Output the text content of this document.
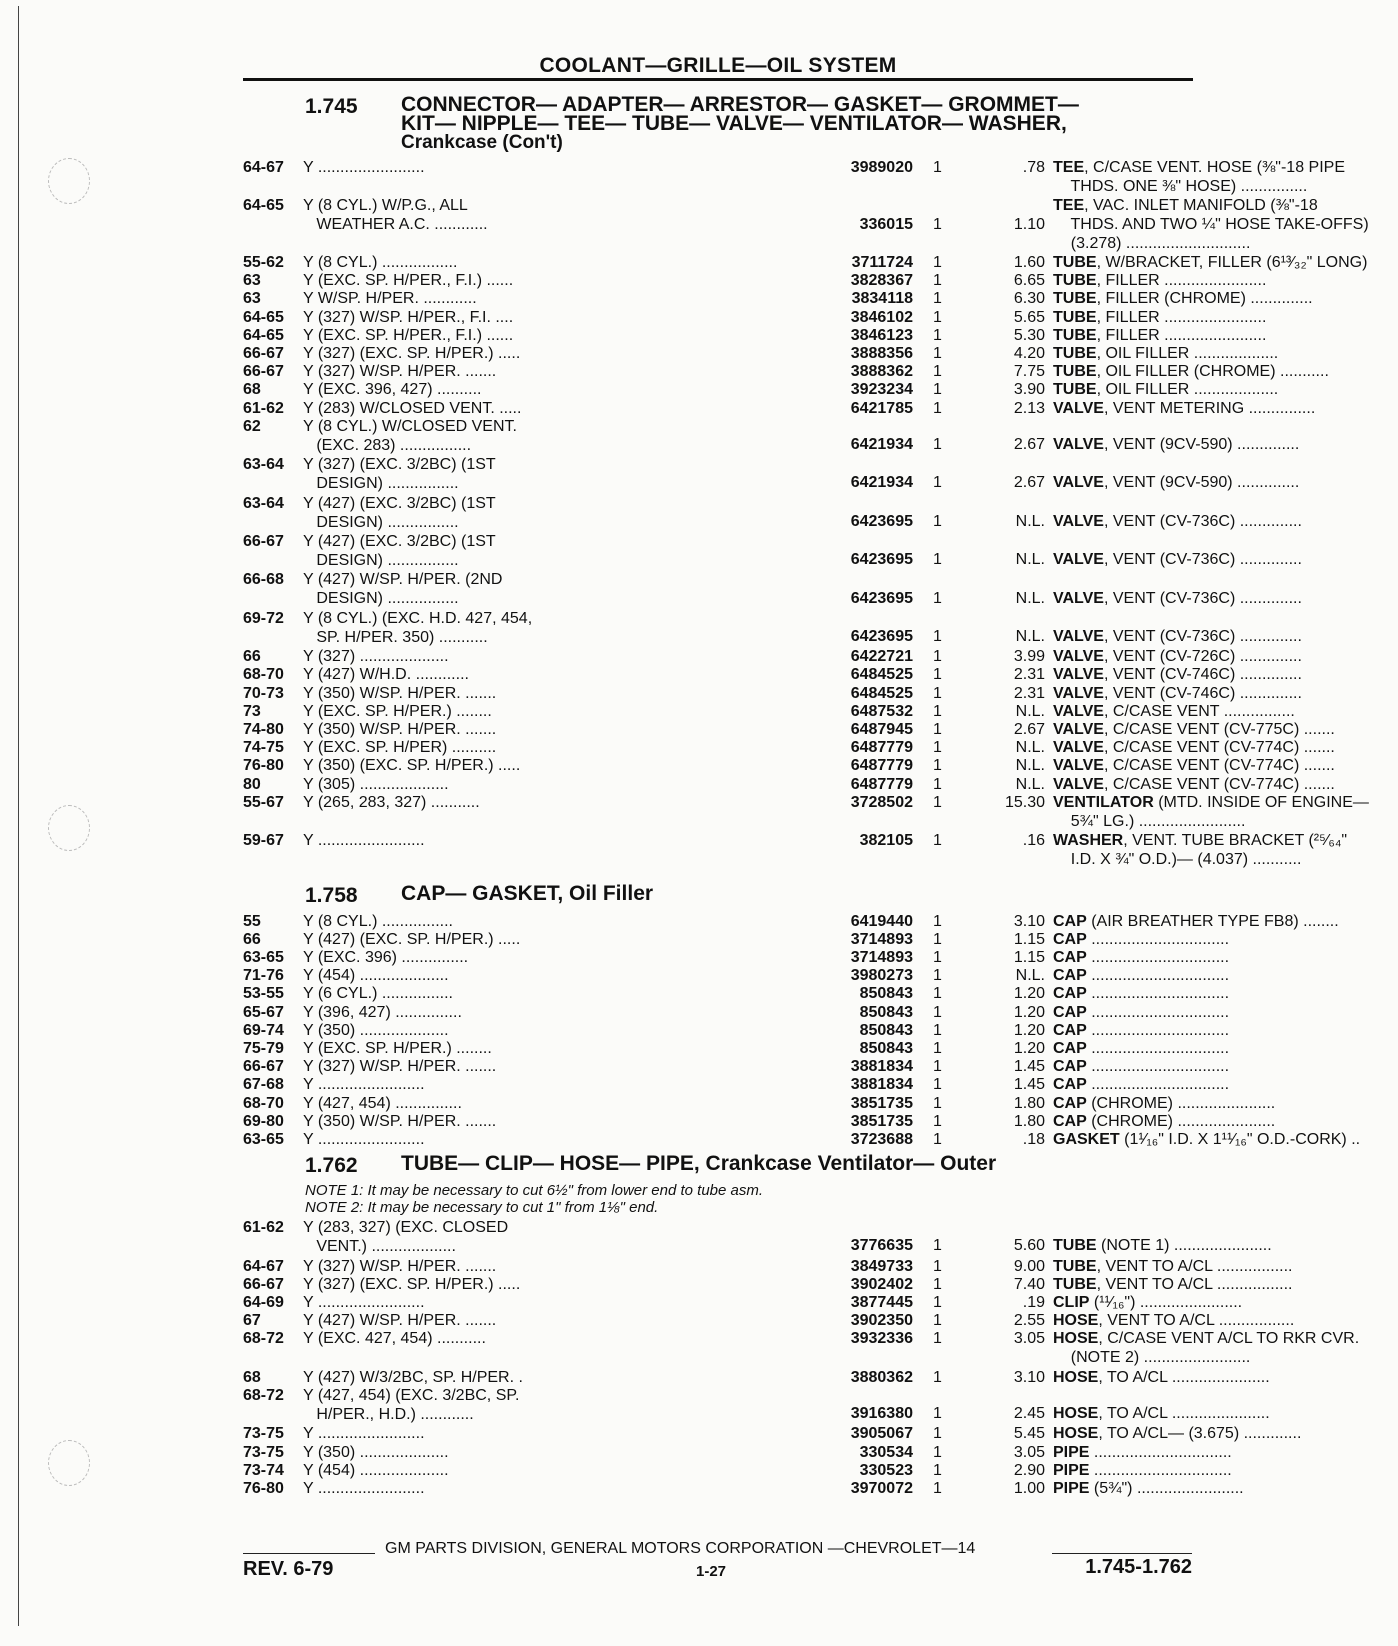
COOLANT—GRILLE—OIL SYSTEM
1.745 CONNECTOR— ADAPTER— ARRESTOR— GASKET— GROMMET—
KIT— NIPPLE— TEE— TUBE— VALVE— VENTILATOR— WASHER,
Crankcase (Con't)
64-67	Y ........................	3989020 1	.78 TEE, C/CASE VENT. HOSE (⅜"-18 PIPE
THDS. ONE ⅜" HOSE) ...............
64-65	Y (8 CYL.) W/P.G., ALL
WEATHER A.C. ............	336015 1	1.10
TEE, VAC. INLET MANIFOLD (⅜"-18
THDS. AND TWO ¼" HOSE TAKE-OFFS)
(3.278) ............................
55-62	Y (8 CYL.) .................	3711724 1	1.60 TUBE, W/BRACKET, FILLER (6¹³⁄₃₂" LONG)
63	Y (EXC. SP. H/PER., F.I.) ......	3828367 1	6.65 TUBE, FILLER .......................
63	Y W/SP. H/PER. ............	3834118 1	6.30 TUBE, FILLER (CHROME) ..............
64-65	Y (327) W/SP. H/PER., F.I. ....	3846102 1	5.65 TUBE, FILLER .......................
64-65	Y (EXC. SP. H/PER., F.I.) ......	3846123 1	5.30 TUBE, FILLER .......................
66-67	Y (327) (EXC. SP. H/PER.) .....	3888356 1	4.20 TUBE, OIL FILLER ...................
66-67	Y (327) W/SP. H/PER. .......	3888362 1	7.75 TUBE, OIL FILLER (CHROME) ...........
68	Y (EXC. 396, 427) ..........	3923234 1	3.90 TUBE, OIL FILLER ...................
61-62	Y (283) W/CLOSED VENT. .....	6421785 1	2.13 VALVE, VENT METERING ...............
62	Y (8 CYL.) W/CLOSED VENT.
(EXC. 283) ................	6421934 1	2.67 VALVE, VENT (9CV-590) ..............
63-64	Y (327) (EXC. 3/2BC) (1ST
DESIGN) ................	6421934 1	2.67 VALVE, VENT (9CV-590) ..............
63-64	Y (427) (EXC. 3/2BC) (1ST
DESIGN) ................	6423695 1	N.L. VALVE, VENT (CV-736C) ..............
66-67	Y (427) (EXC. 3/2BC) (1ST
DESIGN) ................	6423695 1	N.L. VALVE, VENT (CV-736C) ..............
66-68	Y (427) W/SP. H/PER. (2ND
DESIGN) ................	6423695 1	N.L. VALVE, VENT (CV-736C) ..............
69-72	Y (8 CYL.) (EXC. H.D. 427, 454,
SP. H/PER. 350) ...........	6423695 1	N.L. VALVE, VENT (CV-736C) ..............
66	Y (327) ....................	6422721 1	3.99 VALVE, VENT (CV-726C) ..............
68-70	Y (427) W/H.D. ............	6484525 1	2.31 VALVE, VENT (CV-746C) ..............
70-73	Y (350) W/SP. H/PER. .......	6484525 1	2.31 VALVE, VENT (CV-746C) ..............
73	Y (EXC. SP. H/PER.) ........	6487532 1	N.L. VALVE, C/CASE VENT ................
74-80	Y (350) W/SP. H/PER. .......	6487945 1	2.67 VALVE, C/CASE VENT (CV-775C) .......
74-75	Y (EXC. SP. H/PER) ..........	6487779 1	N.L. VALVE, C/CASE VENT (CV-774C) .......
76-80	Y (350) (EXC. SP. H/PER.) .....	6487779 1	N.L. VALVE, C/CASE VENT (CV-774C) .......
80	Y (305) ....................	6487779 1	N.L. VALVE, C/CASE VENT (CV-774C) .......
55-67	Y (265, 283, 327) ...........	3728502 1	15.30 VENTILATOR (MTD. INSIDE OF ENGINE—
5¾" LG.) ........................
59-67	Y ........................	382105 1	.16 WASHER, VENT. TUBE BRACKET (²⁵⁄₆₄"
I.D. X ¾" O.D.)— (4.037) ...........
1.758 CAP— GASKET, Oil Filler
55	Y (8 CYL.) ................	6419440 1	3.10 CAP (AIR BREATHER TYPE FB8) ........
66	Y (427) (EXC. SP. H/PER.) .....	3714893 1	1.15 CAP ...............................
63-65	Y (EXC. 396) ...............	3714893 1	1.15 CAP ...............................
71-76	Y (454) ....................	3980273 1	N.L. CAP ...............................
53-55	Y (6 CYL.) ................	850843 1	1.20 CAP ...............................
65-67	Y (396, 427) ...............	850843 1	1.20 CAP ...............................
69-74	Y (350) ....................	850843 1	1.20 CAP ...............................
75-79	Y (EXC. SP. H/PER.) ........	850843 1	1.20 CAP ...............................
66-67	Y (327) W/SP. H/PER. .......	3881834 1	1.45 CAP ...............................
67-68	Y ........................	3881834 1	1.45 CAP ...............................
68-70	Y (427, 454) ...............	3851735 1	1.80 CAP (CHROME) ......................
69-80	Y (350) W/SP. H/PER. .......	3851735 1	1.80 CAP (CHROME) ......................
63-65	Y ........................	3723688 1	.18 GASKET (1¹⁄₁₆" I.D. X 1¹¹⁄₁₆" O.D.-CORK) ..
1.762 TUBE— CLIP— HOSE— PIPE, Crankcase Ventilator— Outer
NOTE 1: It may be necessary to cut 6½" from lower end to tube asm.
NOTE 2: It may be necessary to cut 1" from 1⅛" end.
61-62	Y (283, 327) (EXC. CLOSED
VENT.) ...................	3776635 1	5.60 TUBE (NOTE 1) ......................
64-67	Y (327) W/SP. H/PER. .......	3849733 1	9.00 TUBE, VENT TO A/CL .................
66-67	Y (327) (EXC. SP. H/PER.) .....	3902402 1	7.40 TUBE, VENT TO A/CL .................
64-69	Y ........................	3877445 1	.19 CLIP (¹¹⁄₁₆") .......................
67	Y (427) W/SP. H/PER. .......	3902350 1	2.55 HOSE, VENT TO A/CL .................
68-72	Y (EXC. 427, 454) ...........	3932336 1	3.05 HOSE, C/CASE VENT A/CL TO RKR CVR.
(NOTE 2) ........................
68	Y (427) W/3/2BC, SP. H/PER. .	3880362 1	3.10 HOSE, TO A/CL ......................
68-72	Y (427, 454) (EXC. 3/2BC, SP.
H/PER., H.D.) ............	3916380 1	2.45 HOSE, TO A/CL ......................
73-75	Y ........................	3905067 1	5.45 HOSE, TO A/CL— (3.675) .............
73-75	Y (350) ....................	330534 1	3.05 PIPE ...............................
73-74	Y (454) ....................	330523 1	2.90 PIPE ...............................
76-80	Y ........................	3970072 1	1.00 PIPE (5¾") ........................
GM PARTS DIVISION, GENERAL MOTORS CORPORATION —CHEVROLET—14
REV. 6-79	1-27	1.745-1.762
